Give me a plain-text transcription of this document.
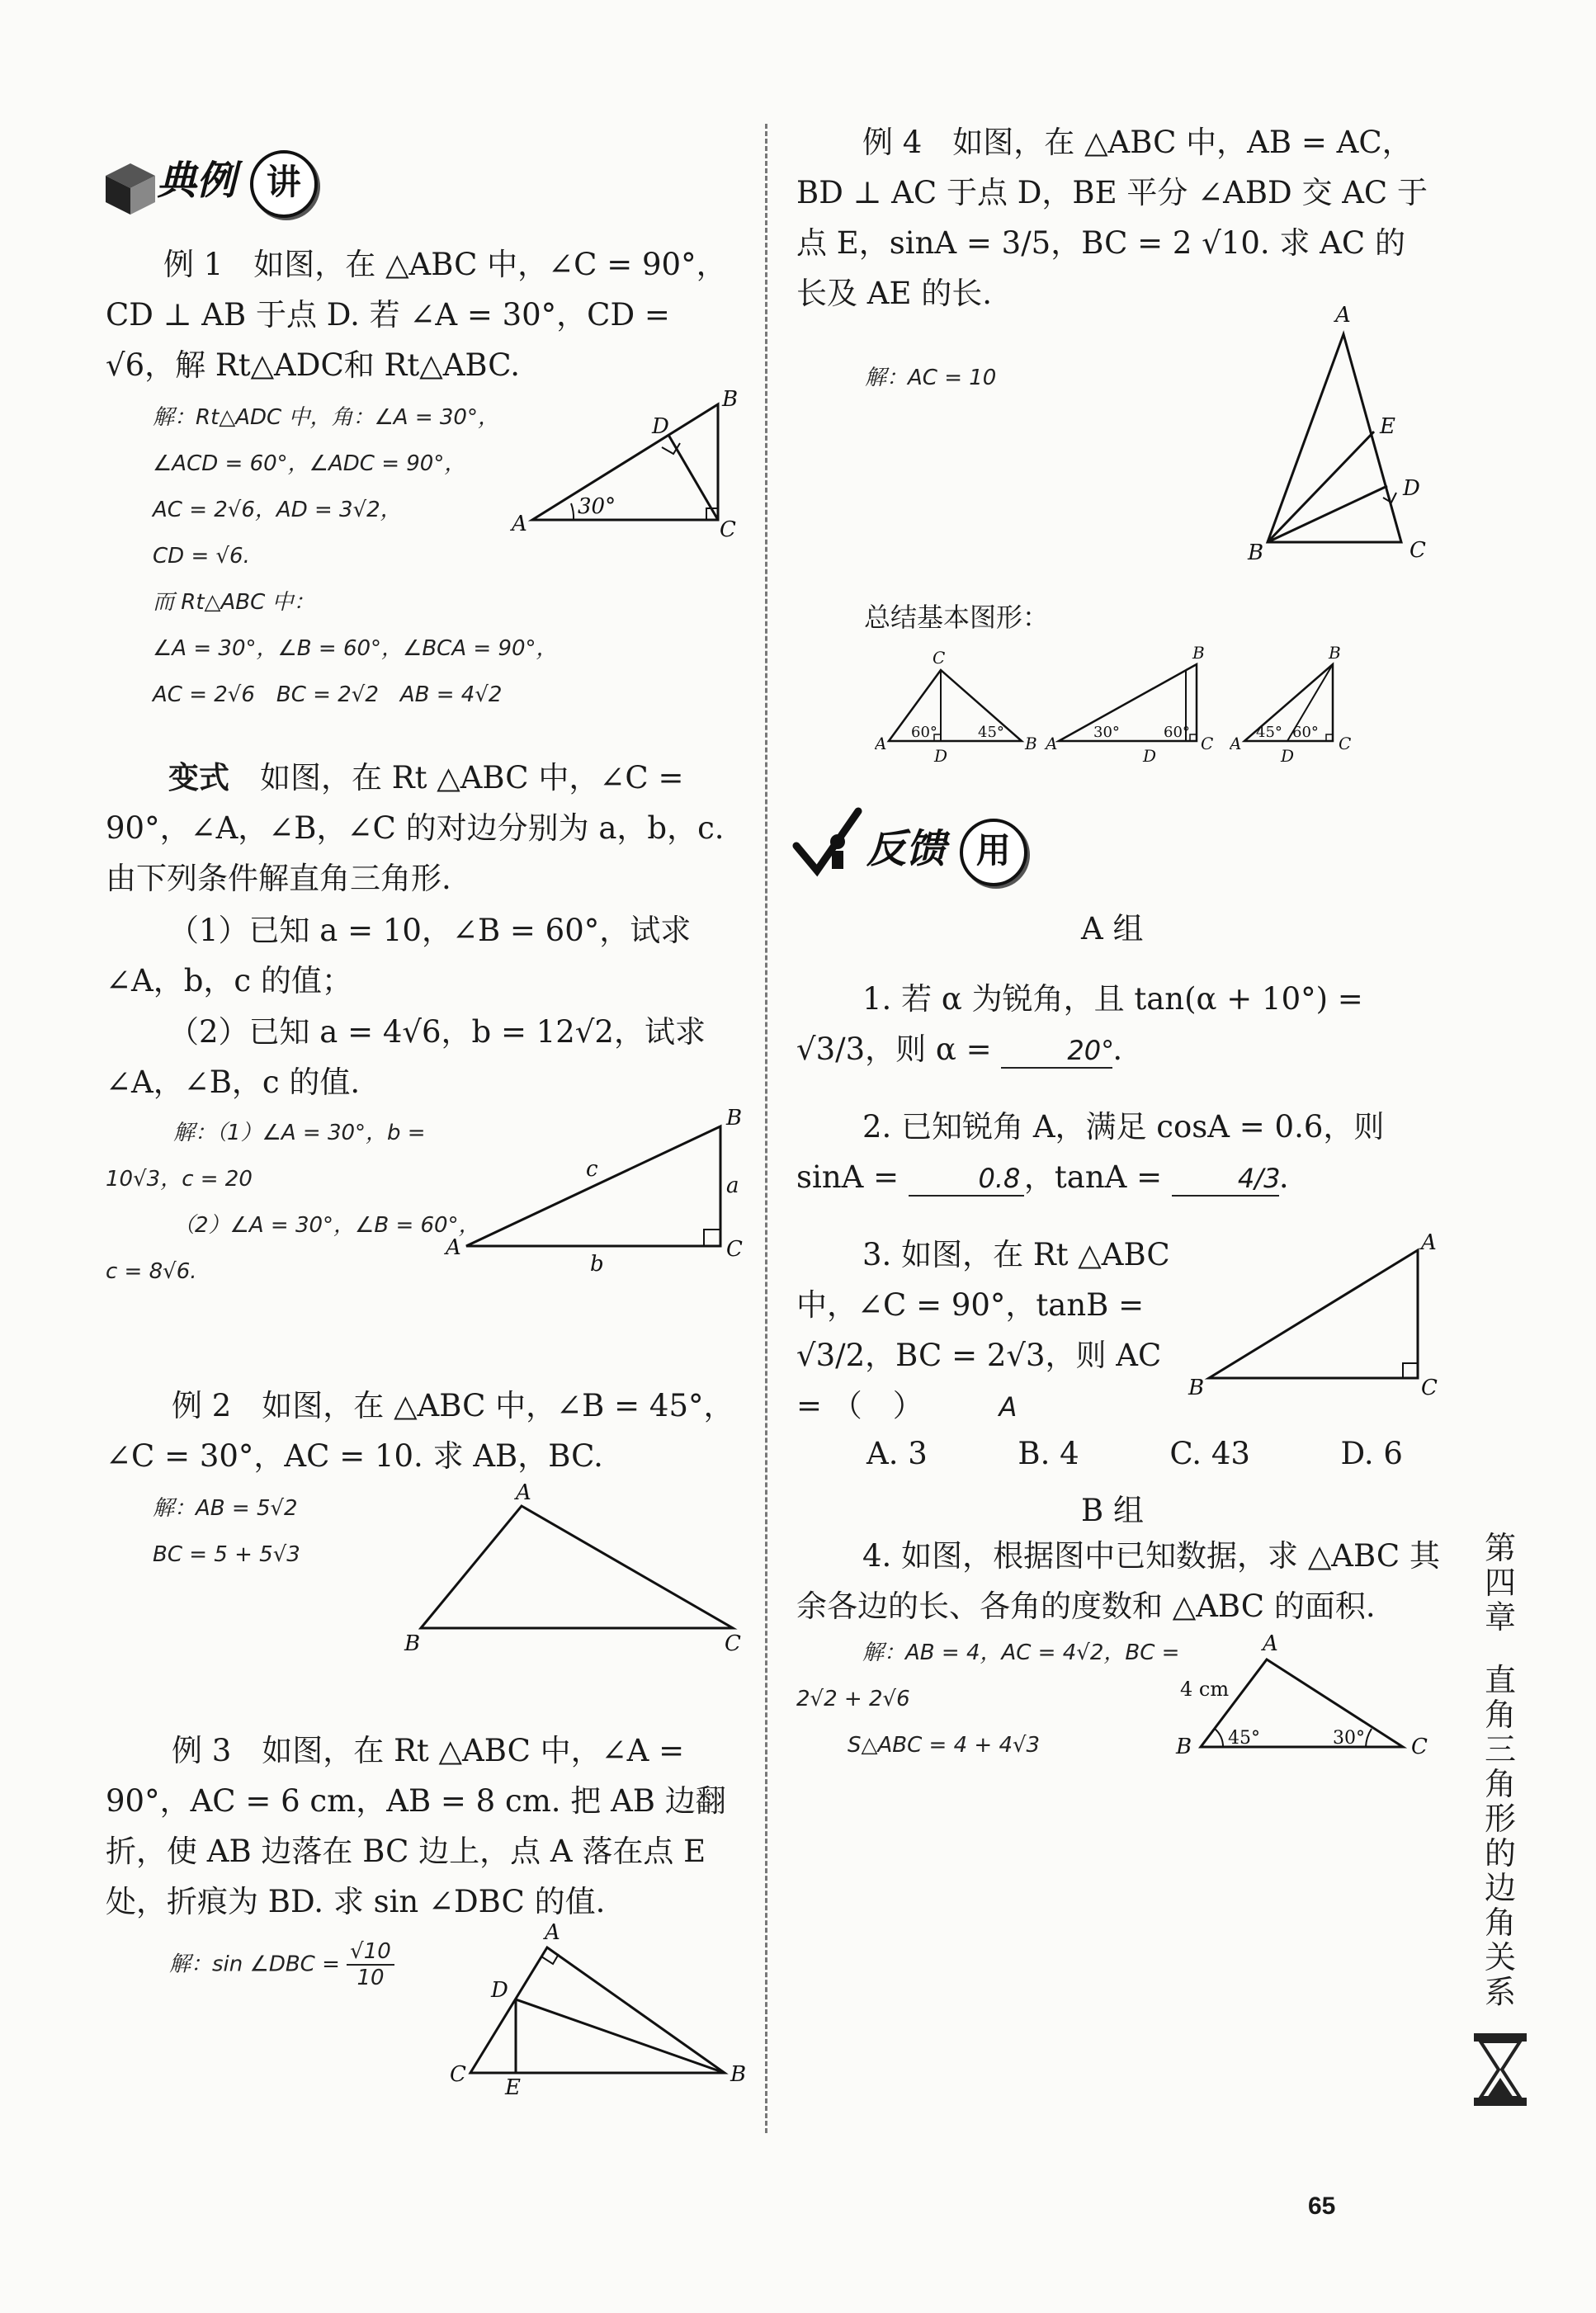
典例 讲
例 1　如图，在 △ABC 中，∠C = 90°，CD ⊥ AB 于点 D. 若 ∠A = 30°，CD = √6，解 Rt△ADC和 Rt△ABC.
解：Rt△ADC 中，角：∠A = 30°，
∠ACD = 60°，∠ADC = 90°，
AC = 2√6，AD = 3√2，
CD = √6.
而 Rt△ABC 中：
∠A = 30°，∠B = 60°，∠BCA = 90°，
AC = 2√6　BC = 2√2　AB = 4√2
30°
A
B
C
D
变式　 如图，在 Rt △ABC 中，∠C = 90°，∠A，∠B，∠C 的对边分别为 a，b，c. 由下列条件解直角三角形.
（1）已知 a = 10，∠B = 60°，试求 ∠A，b，c 的值；
（2）已知 a = 4√6，b = 12√2，试求 ∠A，∠B，c 的值.
解：（1）∠A = 30°，b =
10√3，c = 20
（2）∠A = 30°，∠B = 60°，
c = 8√6.
A
B
C
a
b
c
例 2　如图，在 △ABC 中，∠B = 45°，∠C = 30°，AC = 10. 求 AB，BC.
解：AB = 5√2
BC = 5 + 5√3
A
B	C
例 3　如图，在 Rt △ABC 中，∠A = 90°，AC = 6 cm，AB = 8 cm. 把 AB 边翻折，使 AB 边落在 BC 边上，点 A 落在点 E 处，折痕为 BD. 求 sin ∠DBC 的值.
解：sin ∠DBC = $\frac{√10}{10}$
A
B
C
D
E
例 4　如图，在 △ABC 中，AB = AC，BD ⊥ AC 于点 D，BE 平分 ∠ABD 交 AC 于点 E，sinA = 3/5，BC = 2 √10. 求 AC 的长及 AE 的长.
解：AC = 10
A
B	C
D
E
总结基本图形：
C
A	B
D
60°	45°
B
A	C
D
30°	60°
B
A	C
D
45° 60°
反馈 用
A 组
1. 若 α 为锐角，且 tan(α + 10°) = √3/3，则 α =	20°.
2. 已知锐角 A，满足 cosA = 0.6，则 sinA =	0.8 ，tanA =	4/3.
3. 如图，在 Rt △ABC 中，∠C = 90°，tanB = √3/2，BC = 2√3，则 AC = （　）	A
A
B	C
A. 3	B. 4	C. 43	D. 6
B 组
4. 如图，根据图中已知数据，求 △ABC 其余各边的长、各角的度数和 △ABC 的面积.
解：AB = 4，AC = 4√2，BC =
2√2 + 2√6
S△ABC = 4 + 4√3
A
B	C
4 cm
45°	30°
第四章
直角三角形的边角关系
65
